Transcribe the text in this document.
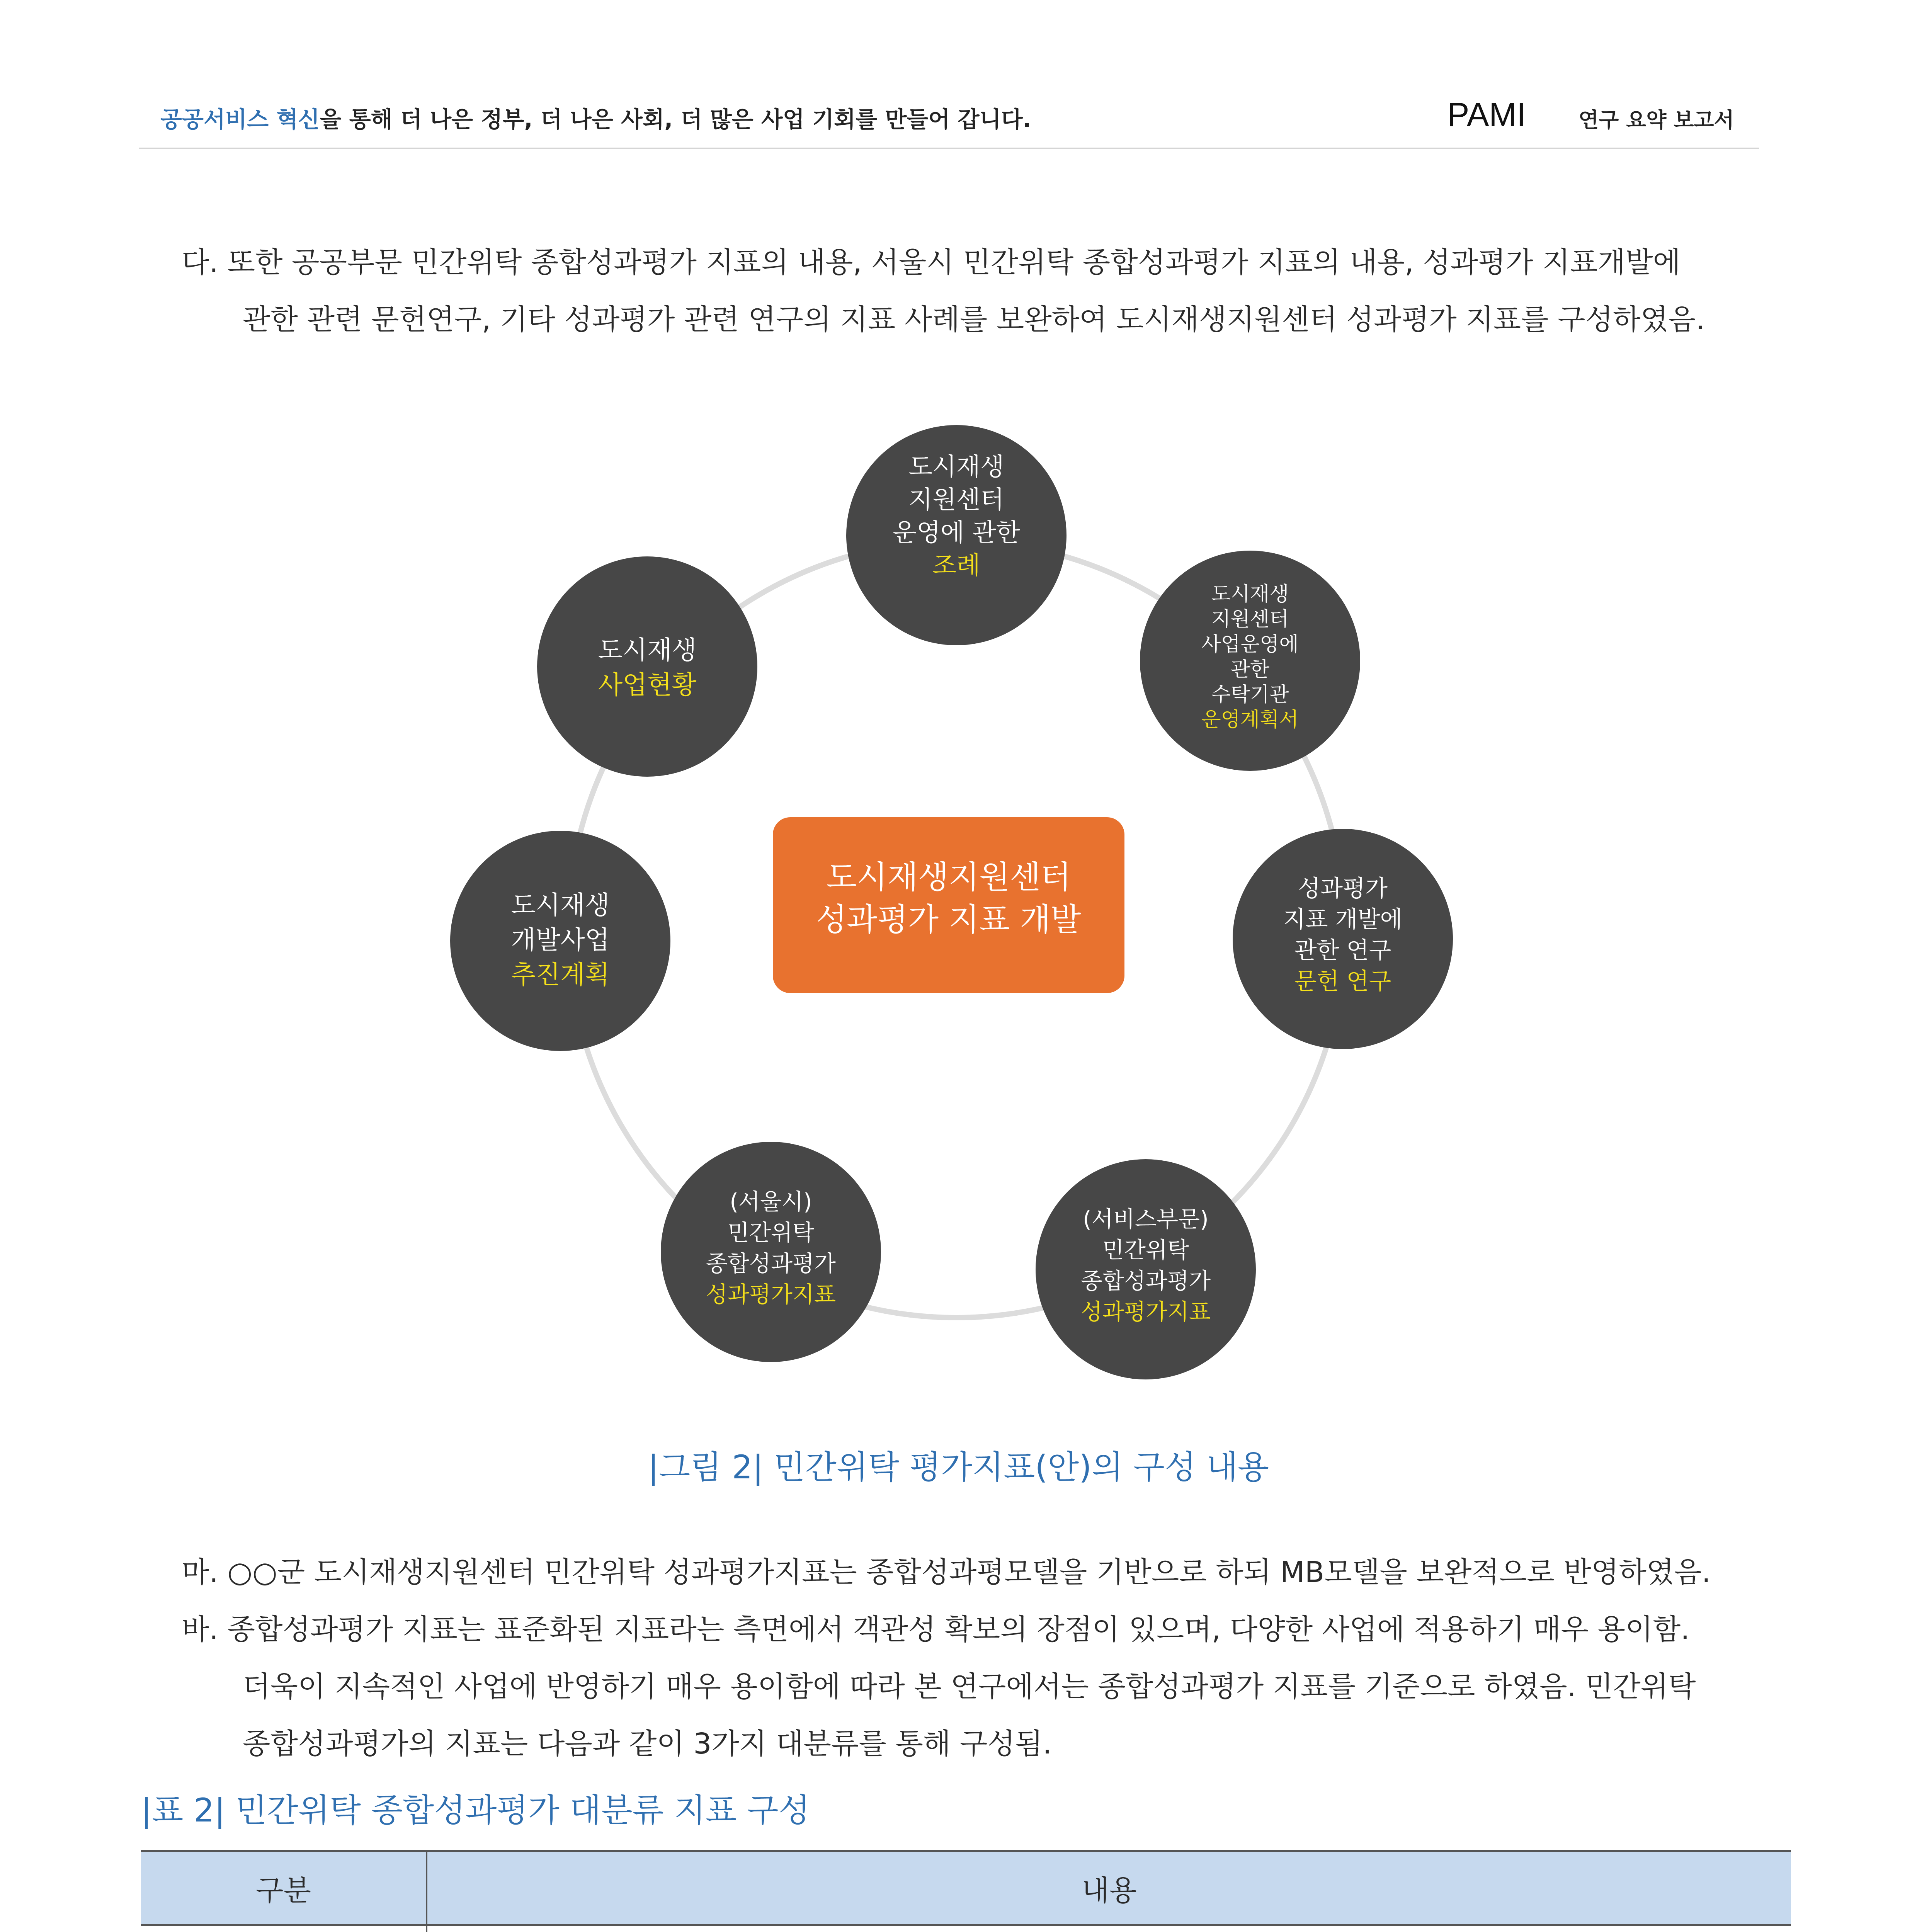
공공서비스 혁신을 통해 더 나은 정부, 더 나은 사회, 더 많은 사업 기회를 만들어 갑니다.	PAMI	연구 요약 보고서
다. 또한 공공부문 민간위탁 종합성과평가 지표의 내용, 서울시 민간위탁 종합성과평가 지표의 내용, 성과평가 지표개발에
관한 관련 문헌연구, 기타 성과평가 관련 연구의 지표 사례를 보완하여 도시재생지원센터 성과평가 지표를 구성하였음.
도시재생지원센터
성과평가 지표 개발
도시재생
지원센터
운영에 관한
조례
도시재생
지원센터
사업운영에
관한
수탁기관
운영계획서
성과평가
지표 개발에
관한 연구
문헌 연구
(서비스부문)
민간위탁
종합성과평가
성과평가지표
(서울시)
민간위탁
종합성과평가
성과평가지표
도시재생
개발사업
추진계획
도시재생
사업현황
|그림 2| 민간위탁 평가지표(안)의 구성 내용
마. ○○군 도시재생지원센터 민간위탁 성과평가지표는 종합성과평모델을 기반으로 하되 MB모델을 보완적으로 반영하였음.
바. 종합성과평가 지표는 표준화된 지표라는 측면에서 객관성 확보의 장점이 있으며, 다양한 사업에 적용하기 매우 용이함.
더욱이 지속적인 사업에 반영하기 매우 용이함에 따라 본 연구에서는 종합성과평가 지표를 기준으로 하였음. 민간위탁
종합성과평가의 지표는 다음과 같이 3가지 대분류를 통해 구성됨.
|표 2| 민간위탁 종합성과평가 대분류 지표 구성
구분	내용
